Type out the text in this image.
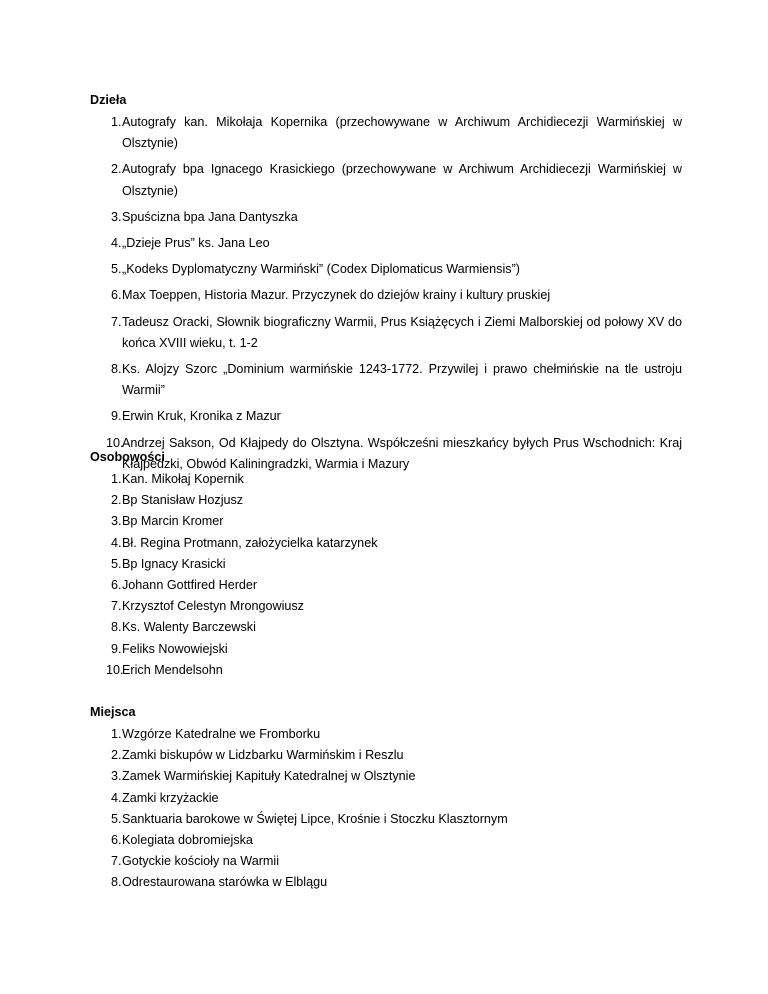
Dzieła

1. Autografy kan. Mikołaja Kopernika (przechowywane w Archiwum Archidiecezji Warmińskiej w Olsztynie)
2. Autografy bpa Ignacego Krasickiego (przechowywane w Archiwum Archidiecezji Warmińskiej w Olsztynie)
3. Spuścizna bpa Jana Dantyszka
4. „Dzieje Prus” ks. Jana Leo
5. „Kodeks Dyplomatyczny Warmiński” (Codex Diplomaticus Warmiensis”)
6. Max Toeppen, Historia Mazur. Przyczynek do dziejów krainy i kultury pruskiej
7. Tadeusz Oracki, Słownik biograficzny Warmii, Prus Książęcych i Ziemi Malborskiej od połowy XV do końca XVIII wieku, t. 1-2
8. Ks. Alojzy Szorc „Dominium warmińskie 1243-1772. Przywilej i prawo chełmińskie na tle ustroju Warmii”
9. Erwin Kruk, Kronika z Mazur
10.
Andrzej Sakson, Od Kłajpedy do Olsztyna. Współcześni mieszkańcy byłych Prus Wschodnich: Kraj Kłajpedzki, Obwód Kaliningradzki, Warmia i Mazury

Osobowości

1. Kan. Mikołaj Kopernik
2. Bp Stanisław Hozjusz
3. Bp Marcin Kromer
4. Bł. Regina Protmann, założycielka katarzynek
5. Bp Ignacy Krasicki
6. Johann Gottfired Herder
7. Krzysztof Celestyn Mrongowiusz
8. Ks. Walenty Barczewski
9. Feliks Nowowiejski
10.
Erich Mendelsohn

Miejsca

1. Wzgórze Katedralne we Fromborku
2. Zamki biskupów w Lidzbarku Warmińskim i Reszlu
3. Zamek Warmińskiej Kapituły Katedralnej w Olsztynie
4. Zamki krzyżackie
5. Sanktuaria barokowe w Świętej Lipce, Krośnie i Stoczku Klasztornym
6. Kolegiata dobromiejska
7. Gotyckie kościoły na Warmii
8. Odrestaurowana starówka w Elblągu
